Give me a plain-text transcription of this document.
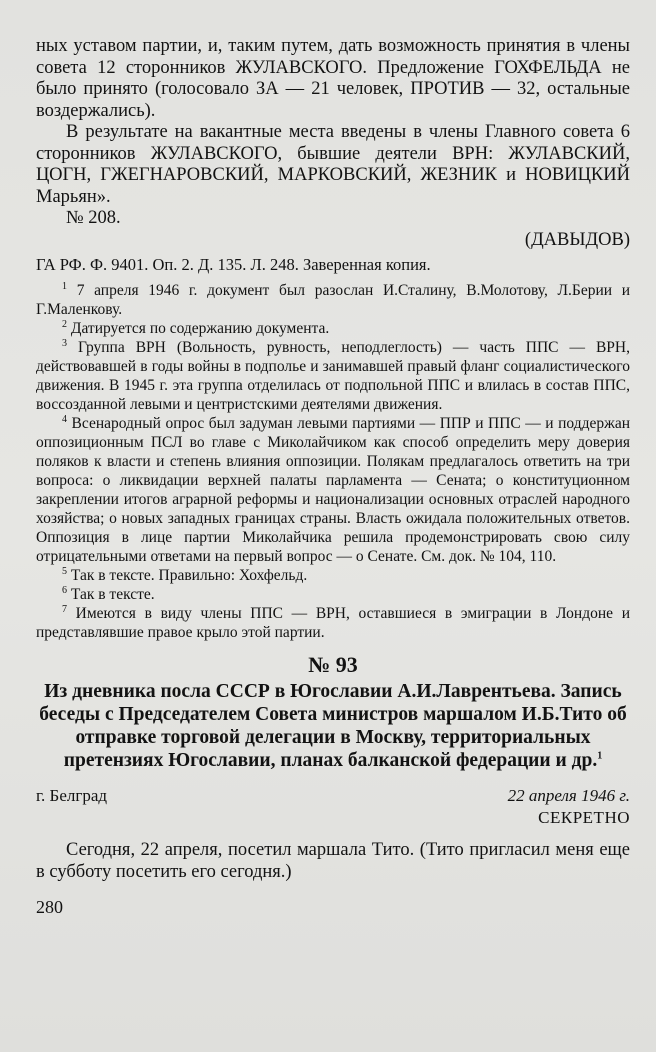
ных уставом партии, и, таким путем, дать возможность принятия в члены совета 12 сторонников ЖУЛАВСКОГО. Предложение ГОХФЕЛЬДА не было принято (голосовало ЗА — 21 человек, ПРОТИВ — 32, остальные воздержались).

В результате на вакантные места введены в члены Главного совета 6 сторонников ЖУЛАВСКОГО, бывшие деятели ВРН: ЖУЛАВСКИЙ, ЦОГН, ГЖЕГНАРОВСКИЙ, МАРКОВСКИЙ, ЖЕЗНИК и НОВИЦКИЙ Марьян».

№ 208.

(ДАВЫДОВ)

ГА РФ. Ф. 9401. Оп. 2. Д. 135. Л. 248. Заверенная копия.

$^1$ 7 апреля 1946 г. документ был разослан И.Сталину, В.Молотову, Л.Берии и Г.Маленкову.

$^2$ Датируется по содержанию документа.

$^3$ Группа ВРН (Вольность, рувность, неподлеглость) — часть ППС — ВРН, действовавшей в годы войны в подполье и занимавшей правый фланг социалистического движения. В 1945 г. эта группа отделилась от подпольной ППС и влилась в состав ППС, воссозданной левыми и центристскими деятелями движения.

$^4$ Всенародный опрос был задуман левыми партиями — ППР и ППС — и поддержан оппозиционным ПСЛ во главе с Миколайчиком как способ определить меру доверия поляков к власти и степень влияния оппозиции. Полякам предлагалось ответить на три вопроса: о ликвидации верхней палаты парламента — Сената; о конституционном закреплении итогов аграрной реформы и национализации основных отраслей народного хозяйства; о новых западных границах страны. Власть ожидала положительных ответов. Оппозиция в лице партии Миколайчика решила продемонстрировать свою силу отрицательными ответами на первый вопрос — о Сенате. См. док. № 104, 110.

$^5$ Так в тексте. Правильно: Хохфельд.

$^6$ Так в тексте.

$^7$ Имеются в виду члены ППС — ВРН, оставшиеся в эмиграции в Лондоне и представлявшие правое крыло этой партии.

№ 93

Из дневника посла СССР в Югославии А.И.Лаврентьева. Запись беседы с Председателем Совета министров маршалом И.Б.Тито об отправке торговой делегации в Москву, территориальных претензиях Югославии, планах балканской федерации и др.$^1$

г. Белград	22 апреля 1946 г.

СЕКРЕТНО

Сегодня, 22 апреля, посетил маршала Тито. (Тито пригласил меня еще в субботу посетить его сегодня.)

280
